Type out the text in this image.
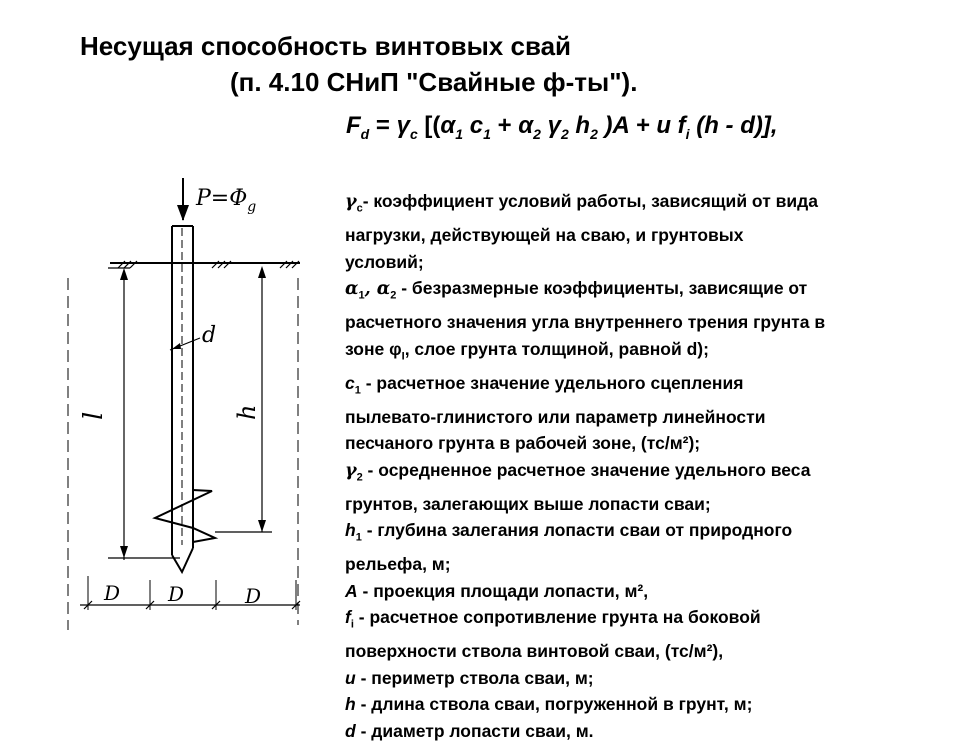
Несущая способность винтовых свай
(п. 4.10 СНиП "Свайные ф-ты").
$F_d = \gamma_c$ [($\alpha_1$ $c_1 + \alpha_2$ $\gamma_2$ $h_2$ )A + u $f_i$ (h - d)],
$\gamma_c-$ коэффициент условий работы, зависящий от вида
нагрузки, действующей на сваю, и грунтовых
условий;
$\alpha_1$, $\alpha_2$ - безразмерные коэффициенты, зависящие от
расчетного значения угла внутреннего трения грунта в
зоне $\varphi_I$, слое грунта толщиной, равной d);
$c_1$ - расчетное значение удельного сцепления
пылевато-глинистого или параметр линейности
песчаного грунта в рабочей зоне, (тс/м²);
$\gamma_2$ - осредненное расчетное значение удельного веса
грунтов, залегающих выше лопасти сваи;
$h_1$ - глубина залегания лопасти сваи от природного
рельефа, м;
A - проекция площади лопасти, м²,
$f_i$ - расчетное сопротивление грунта на боковой
поверхности ствола винтовой сваи, (тс/м²),
u - периметр ствола сваи, м;
h - длина ствола сваи, погруженной в грунт, м;
d - диаметр лопасти сваи, м.
$P=\Phi_g$
d
l	h
D D	D
